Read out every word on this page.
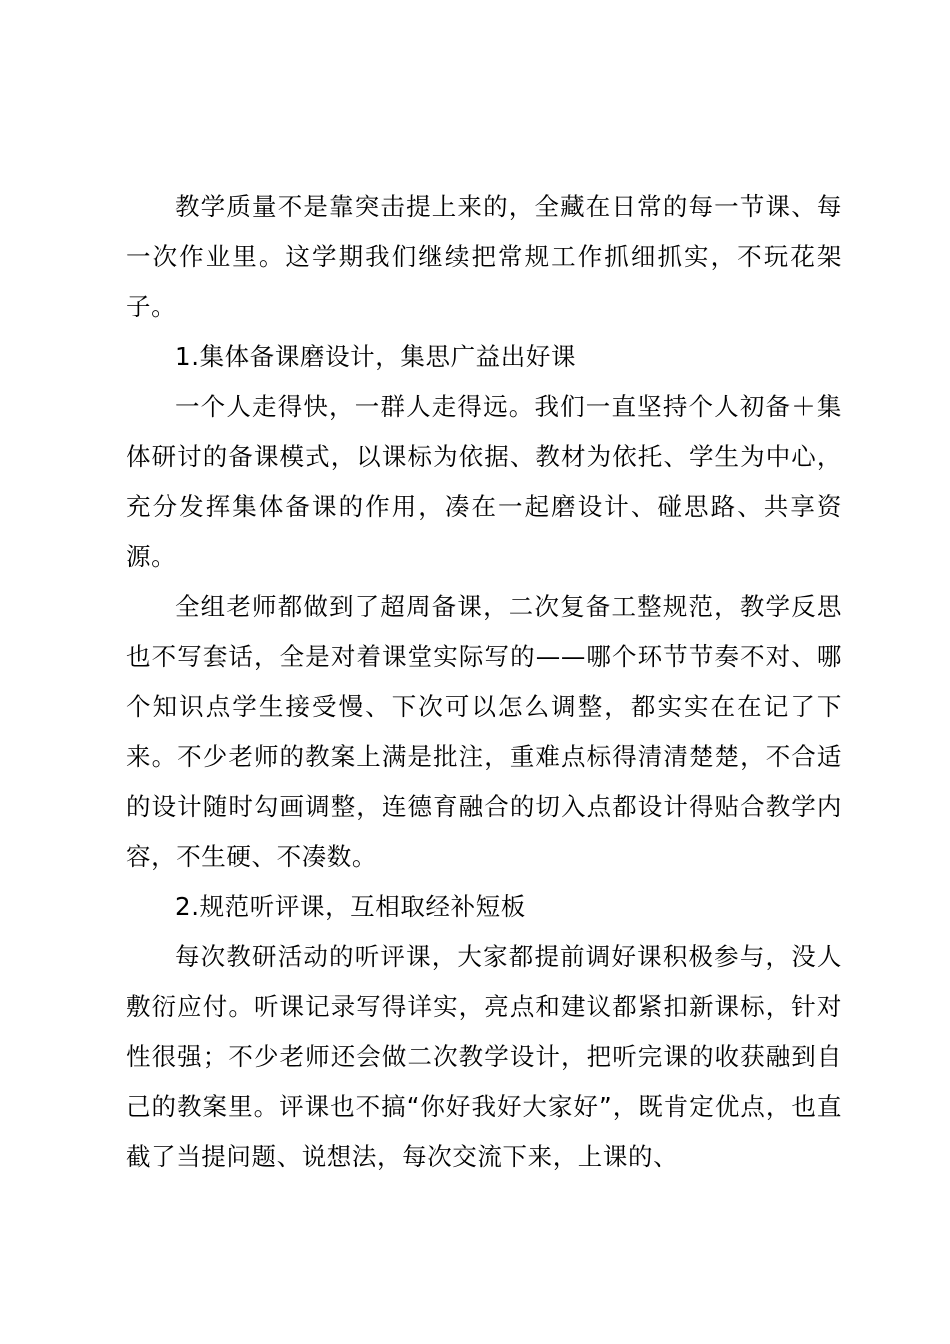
教学质量不是靠突击提上来的，全藏在日常的每一节课、每一次作业里。这学期我们继续把常规工作抓细抓实，不玩花架子。

1.集体备课磨设计，集思广益出好课

一个人走得快，一群人走得远。我们一直坚持个人初备＋集体研讨的备课模式，以课标为依据、教材为依托、学生为中心，充分发挥集体备课的作用，凑在一起磨设计、碰思路、共享资源。

全组老师都做到了超周备课，二次复备工整规范，教学反思也不写套话，全是对着课堂实际写的——哪个环节节奏不对、哪个知识点学生接受慢、下次可以怎么调整，都实实在在记了下来。不少老师的教案上满是批注，重难点标得清清楚楚，不合适的设计随时勾画调整，连德育融合的切入点都设计得贴合教学内容，不生硬、不凑数。

2.规范听评课，互相取经补短板

每次教研活动的听评课，大家都提前调好课积极参与，没人敷衍应付。听课记录写得详实，亮点和建议都紧扣新课标，针对性很强；不少老师还会做二次教学设计，把听完课的收获融到自己的教案里。评课也不搞“你好我好大家好”，既肯定优点，也直截了当提问题、说想法，每次交流下来，上课的、
